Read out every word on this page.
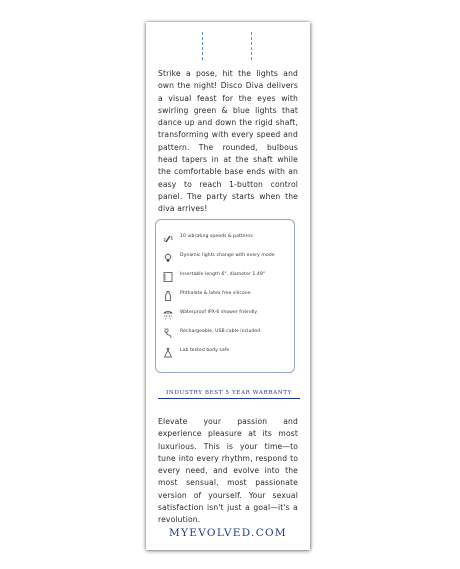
Strike a pose, hit the lights and own the night! Disco Diva delivers a visual feast for the eyes with swirling green & blue lights that dance up and down the rigid shaft, transforming with every speed and pattern. The rounded, bulbous head tapers in at the shaft while the comfortable base ends with an easy to reach 1-button control panel. The party starts when the diva arrives!
10 vibrating speeds & patterns
Dynamic lights change with every mode
Insertable length 6", diameter 1.49"
Phthalate & latex free silicone
Waterproof IPX-6 shower friendly
Rechargeable, USB cable included
Lab tested body safe
INDUSTRY BEST 5 YEAR WARRANTY
Elevate your passion and experience pleasure at its most luxurious. This is your time—to tune into every rhythm, respond to every need, and evolve into the most sensual, most passionate version of yourself. Your sexual satisfaction isn't just a goal—it's a revolution.
MYEVOLVED.COM
